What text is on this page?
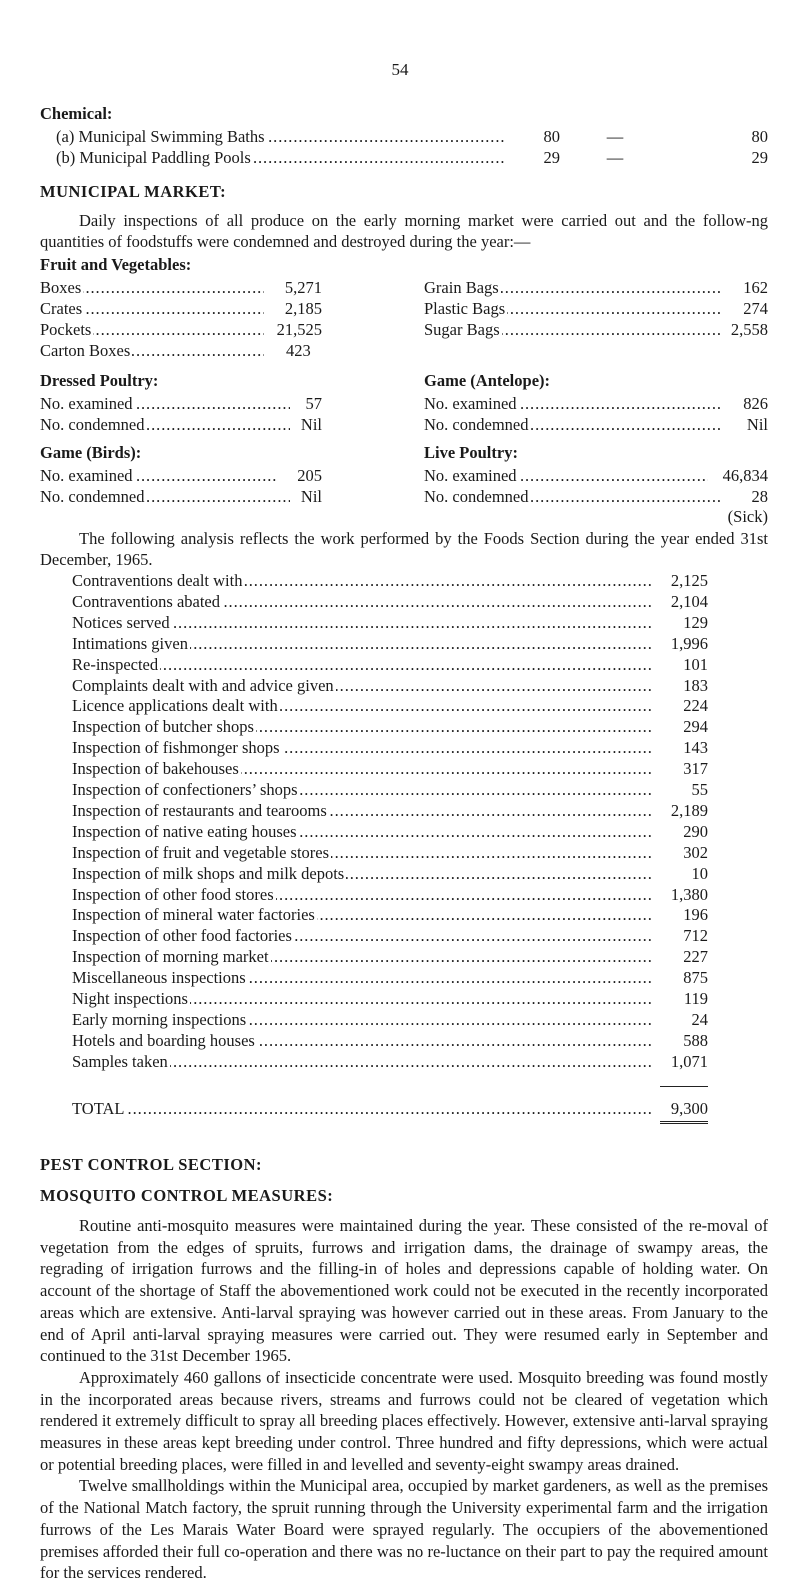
54
Chemical:
(a) Municipal Swimming Baths . . .	80	—	80
(b) Municipal Paddling Pools . . .	29	—	29
MUNICIPAL MARKET:

Daily inspections of all produce on the early morning market were carried out and the follow-ng quantities of foodstuffs were condemned and destroyed during the year:—

Fruit and Vegetables:
Boxes . . .	5,271
Crates . . .	2,185
Pockets . . .	21,525
Carton Boxes . . .	423
Grain Bags . . .	162
Plastic Bags . . .	274
Sugar Bags . . .	2,558
Dressed Poultry:
No. examined . . .	57
No. condemned . . .	Nil
Game (Antelope):
No. examined . . .	826
No. condemned . . .	Nil
Game (Birds):
No. examined . . .	205
No. condemned . . .	Nil
Live Poultry:
No. examined . . .	46,834
No. condemned . . .	28
(Sick)

The following analysis reflects the work performed by the Foods Section during the year ended 31st December, 1965.

Contraventions dealt with . . .	2,125
Contraventions abated . . .	2,104
Notices served . . .	129
Intimations given . . .	1,996
Re-inspected . . .	101
Complaints dealt with and advice given . . .	183
Licence applications dealt with . . .	224
Inspection of butcher shops . . .	294
Inspection of fishmonger shops . . .	143
Inspection of bakehouses . . .	317
Inspection of confectioners’ shops . . .	55
Inspection of restaurants and tearooms . . .	2,189
Inspection of native eating houses . . .	290
Inspection of fruit and vegetable stores . . .	302
Inspection of milk shops and milk depots . . .	10
Inspection of other food stores . . .	1,380
Inspection of mineral water factories . . .	196
Inspection of other food factories . . .	712
Inspection of morning market . . .	227
Miscellaneous inspections . . .	875
Night inspections . . .	119
Early morning inspections . . .	24
Hotels and boarding houses . . .	588
Samples taken . . .	1,071
TOTAL . . .	9,300
PEST CONTROL SECTION:
MOSQUITO CONTROL MEASURES:

Routine anti-mosquito measures were maintained during the year. These consisted of the re-moval of vegetation from the edges of spruits, furrows and irrigation dams, the drainage of swampy areas, the regrading of irrigation furrows and the filling-in of holes and depressions capable of holding water. On account of the shortage of Staff the abovementioned work could not be executed in the recently incorporated areas which are extensive. Anti-larval spraying was however carried out in these areas. From January to the end of April anti-larval spraying measures were carried out. They were resumed early in September and continued to the 31st December 1965.

Approximately 460 gallons of insecticide concentrate were used. Mosquito breeding was found mostly in the incorporated areas because rivers, streams and furrows could not be cleared of vegetation which rendered it extremely difficult to spray all breeding places effectively. However, extensive anti-larval spraying measures in these areas kept breeding under control. Three hundred and fifty depressions, which were actual or potential breeding places, were filled in and levelled and seventy-eight swampy areas drained.

Twelve smallholdings within the Municipal area, occupied by market gardeners, as well as the premises of the National Match factory, the spruit running through the University experimental farm and the irrigation furrows of the Les Marais Water Board were sprayed regularly. The occupiers of the abovementioned premises afforded their full co-operation and there was no re-luctance on their part to pay the required amount for the services rendered.
